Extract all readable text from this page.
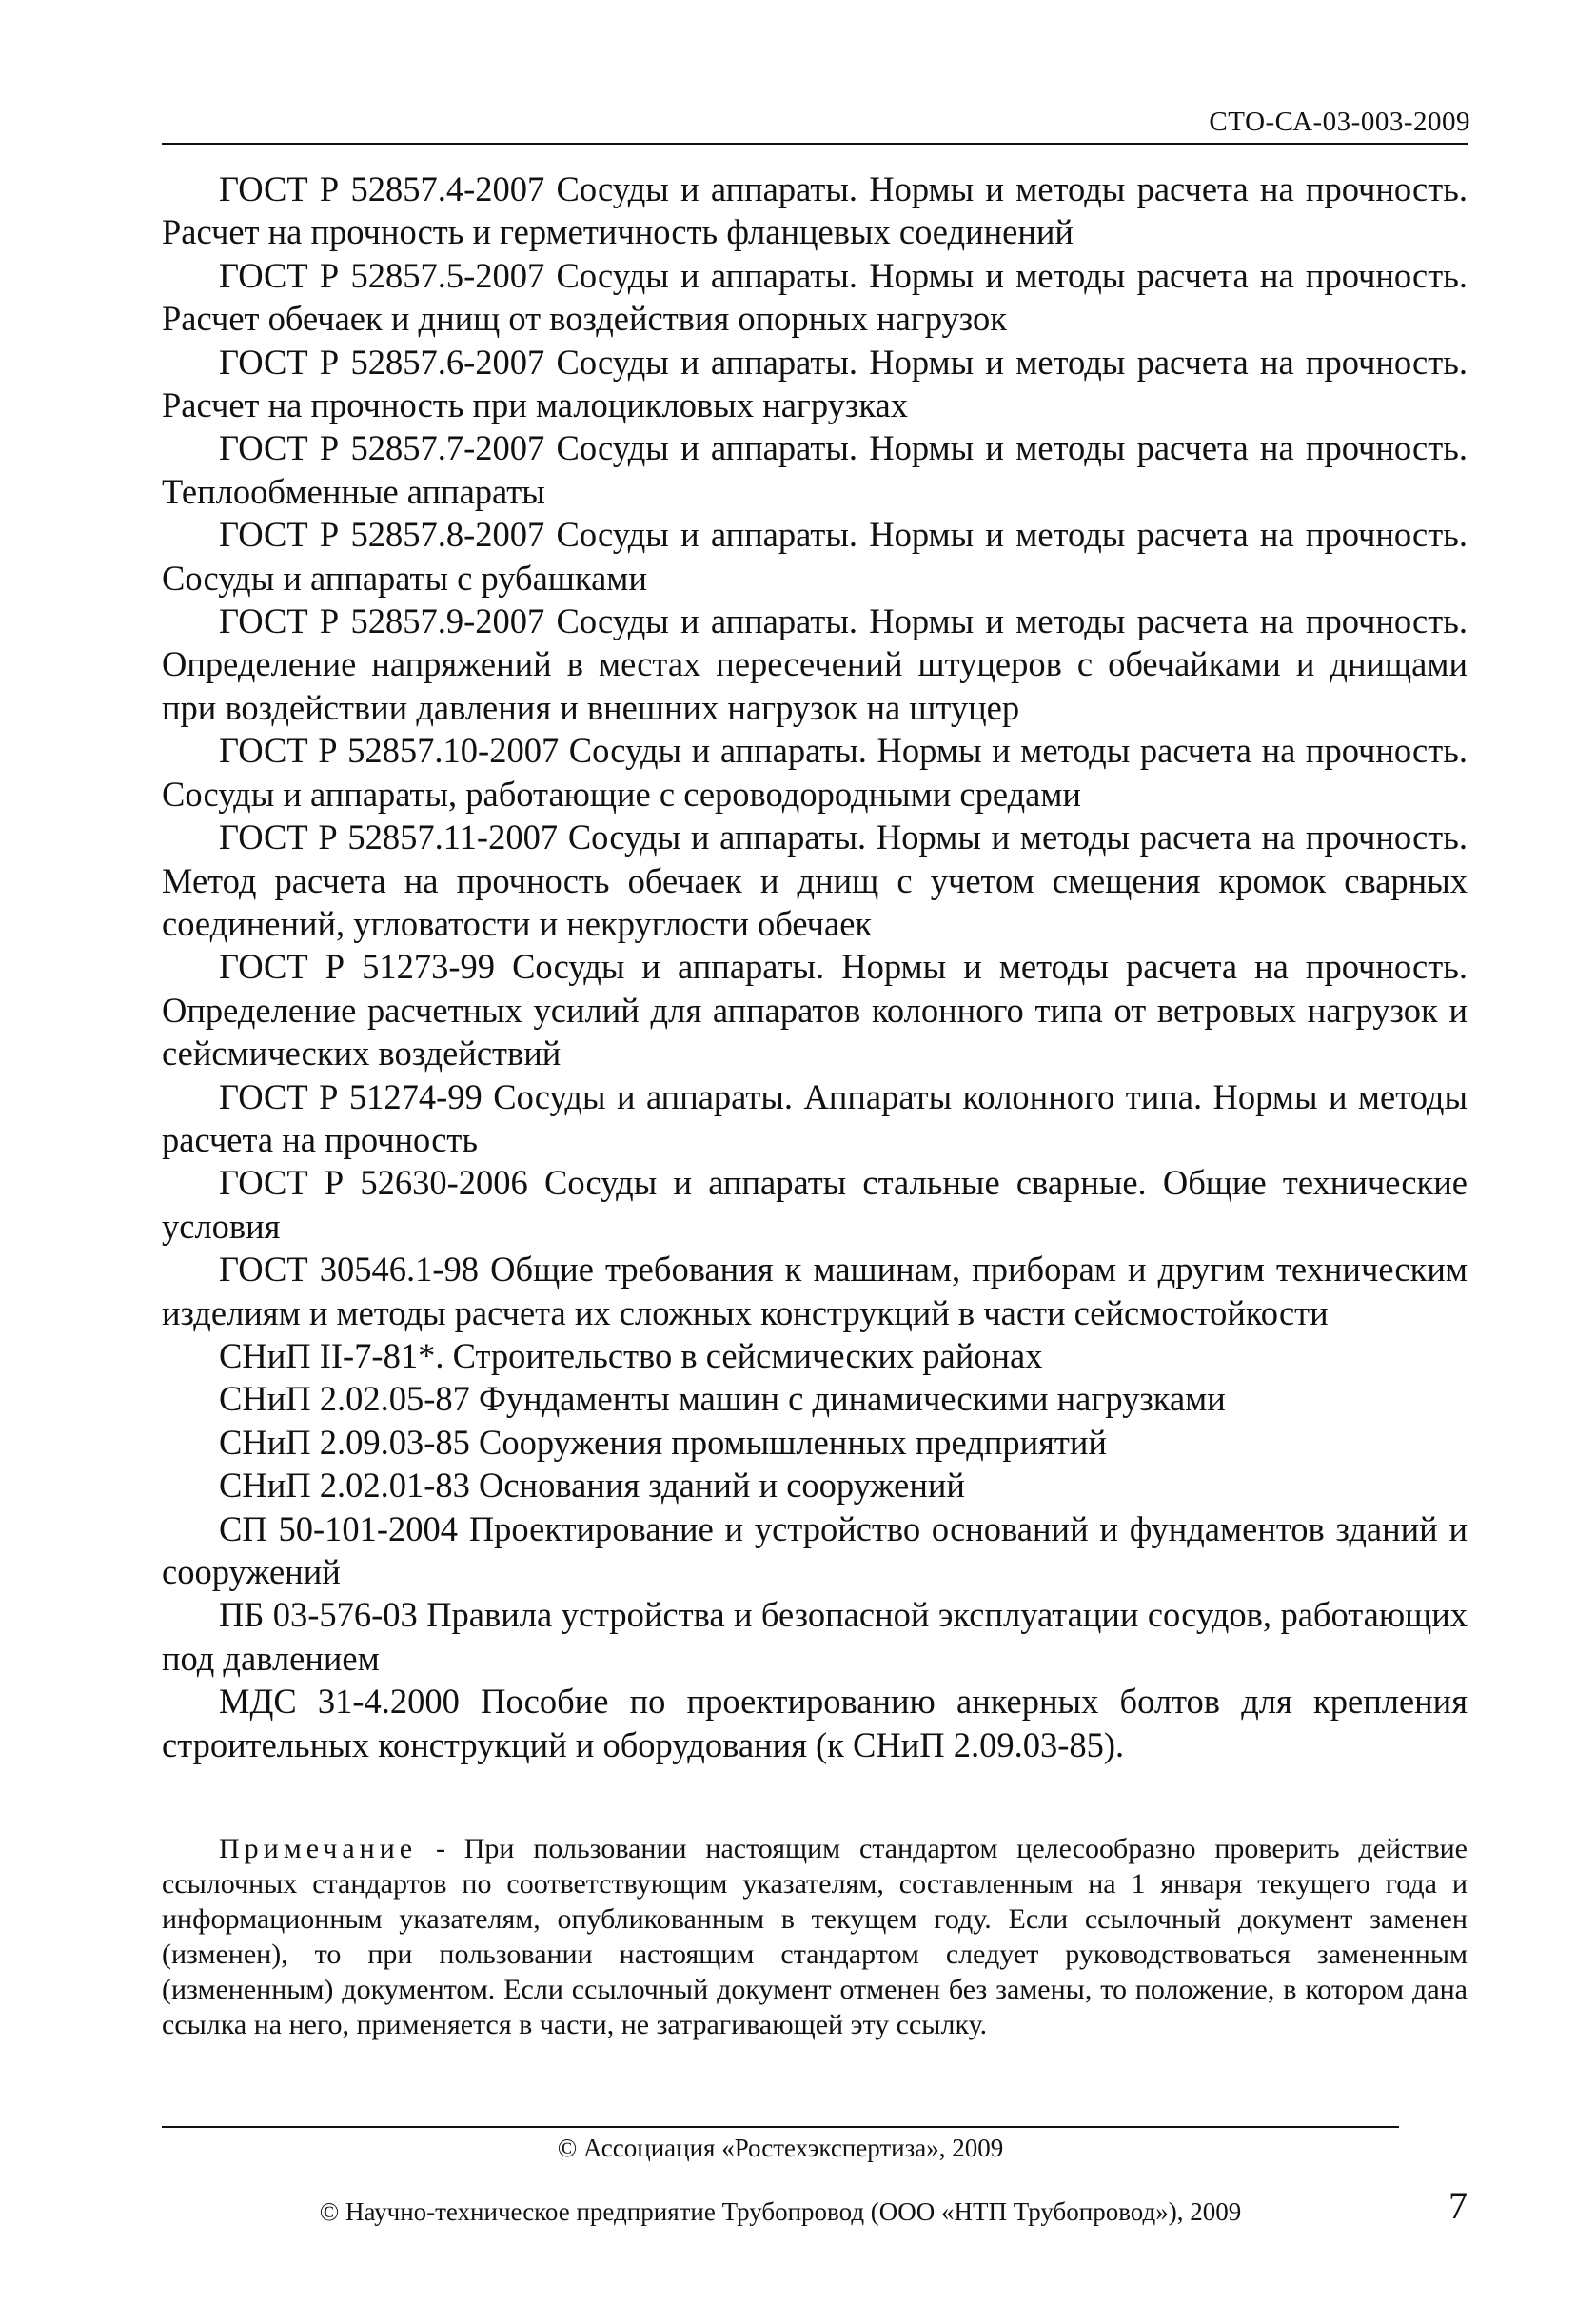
СТО-СА-03-003-2009

ГОСТ Р 52857.4-2007 Сосуды и аппараты. Нормы и методы расчета на прочность. Расчет на прочность и герметичность фланцевых соединений

ГОСТ Р 52857.5-2007 Сосуды и аппараты. Нормы и методы расчета на прочность. Расчет обечаек и днищ от воздействия опорных нагрузок

ГОСТ Р 52857.6-2007 Сосуды и аппараты. Нормы и методы расчета на прочность. Расчет на прочность при малоцикловых нагрузках

ГОСТ Р 52857.7-2007 Сосуды и аппараты. Нормы и методы расчета на прочность. Теплообменные аппараты

ГОСТ Р 52857.8-2007 Сосуды и аппараты. Нормы и методы расчета на прочность. Сосуды и аппараты с рубашками

ГОСТ Р 52857.9-2007 Сосуды и аппараты. Нормы и методы расчета на прочность. Определение напряжений в местах пересечений штуцеров с обечайками и днищами при воздействии давления и внешних нагрузок на штуцер

ГОСТ Р 52857.10-2007 Сосуды и аппараты. Нормы и методы расчета на прочность. Сосуды и аппараты, работающие с сероводородными средами

ГОСТ Р 52857.11-2007 Сосуды и аппараты. Нормы и методы расчета на прочность. Метод расчета на прочность обечаек и днищ с учетом смещения кромок сварных соединений, угловатости и некруглости обечаек

ГОСТ Р 51273-99 Сосуды и аппараты. Нормы и методы расчета на прочность. Определение расчетных усилий для аппаратов колонного типа от ветровых нагрузок и сейсмических воздействий

ГОСТ Р 51274-99 Сосуды и аппараты. Аппараты колонного типа. Нормы и методы расчета на прочность

ГОСТ Р 52630-2006 Сосуды и аппараты стальные сварные. Общие технические условия

ГОСТ 30546.1-98 Общие требования к машинам, приборам и другим техническим изделиям и методы расчета их сложных конструкций в части сейсмостойкости

СНиП II-7-81*. Строительство в сейсмических районах

СНиП 2.02.05-87 Фундаменты машин с динамическими нагрузками

СНиП 2.09.03-85 Сооружения промышленных предприятий

СНиП 2.02.01-83 Основания зданий и сооружений

СП 50-101-2004 Проектирование и устройство оснований и фундаментов зданий и сооружений

ПБ 03-576-03 Правила устройства и безопасной эксплуатации сосудов, работающих под давлением

МДС 31-4.2000 Пособие по проектированию анкерных болтов для крепления строительных конструкций и оборудования (к СНиП 2.09.03-85).

Примечание - При пользовании настоящим стандартом целесообразно проверить действие ссылочных стандартов по соответствующим указателям, составленным на 1 января текущего года и информационным указателям, опубликованным в текущем году. Если ссылочный документ заменен (изменен), то при пользовании настоящим стандартом следует руководствоваться замененным (измененным) документом. Если ссылочный документ отменен без замены, то положение, в котором дана ссылка на него, применяется в части, не затрагивающей эту ссылку.

© Ассоциация «Ростехэкспертиза», 2009
© Научно-техническое предприятие Трубопровод (ООО «НТП Трубопровод»), 2009	7
